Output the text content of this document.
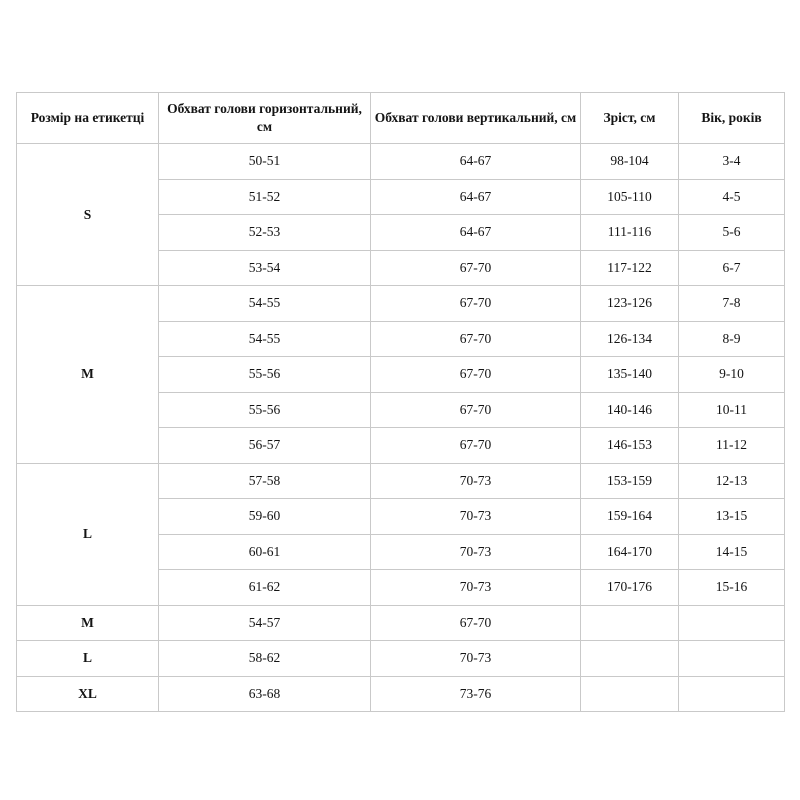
Розмір на етикетці	Обхват голови горизонтальний, см	Обхват голови вертикальний, см	Зріст, см	Вік, років
S	50-51	64-67	98-104	3-4
	51-52	64-67	105-110	4-5
	52-53	64-67	111-116	5-6
	53-54	67-70	117-122	6-7
M	54-55	67-70	123-126	7-8
	54-55	67-70	126-134	8-9
	55-56	67-70	135-140	9-10
	55-56	67-70	140-146	10-11
	56-57	67-70	146-153	11-12
L	57-58	70-73	153-159	12-13
	59-60	70-73	159-164	13-15
	60-61	70-73	164-170	14-15
	61-62	70-73	170-176	15-16
M	54-57	67-70		
L	58-62	70-73		
XL	63-68	73-76		
